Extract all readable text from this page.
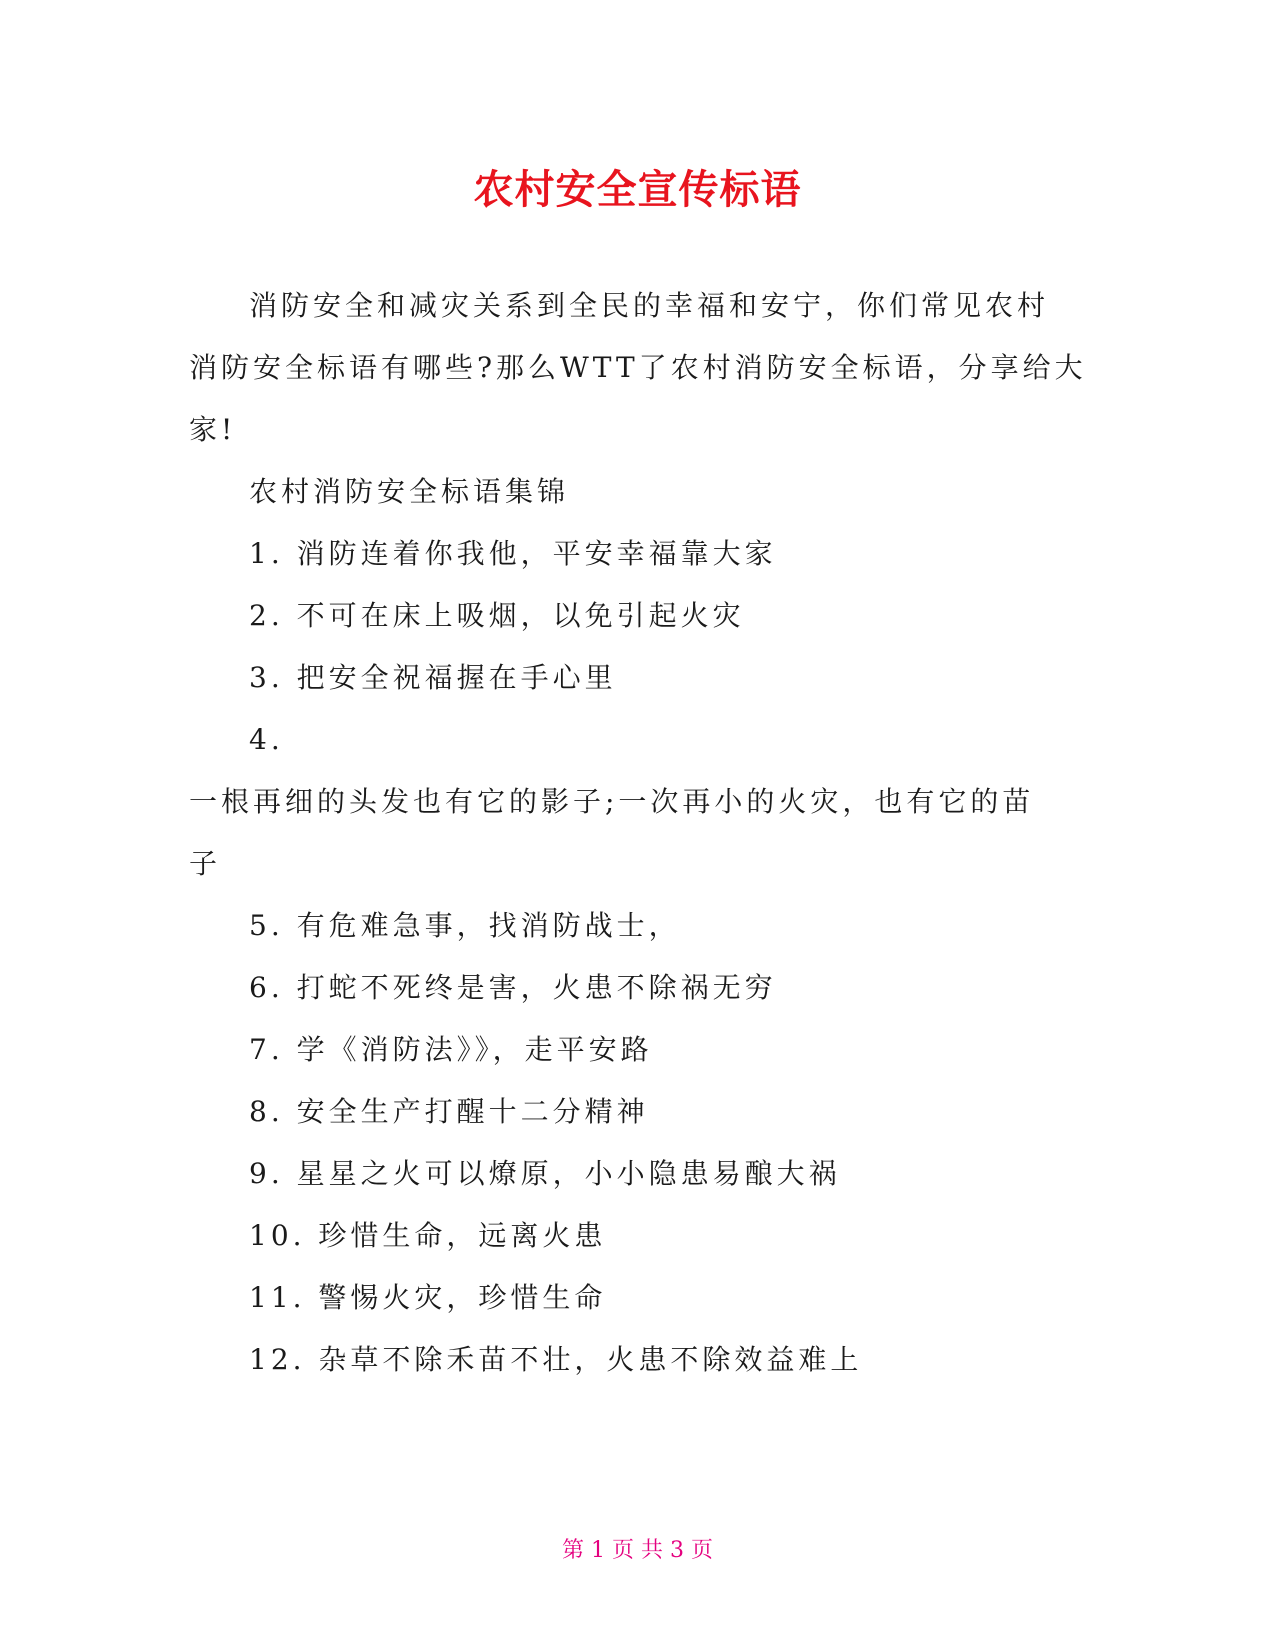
农村安全宣传标语
消防安全和减灾关系到全民的幸福和安宁，你们常见农村
消防安全标语有哪些?那么WTT了农村消防安全标语，分享给大
家!
农村消防安全标语集锦
1. 消防连着你我他，平安幸福靠大家
2. 不可在床上吸烟，以免引起火灾
3. 把安全祝福握在手心里
4.
一根再细的头发也有它的影子;一次再小的火灾，也有它的苗
子
5. 有危难急事，找消防战士，
6. 打蛇不死终是害，火患不除祸无穷
7. 学《消防法》》，走平安路
8. 安全生产打醒十二分精神
9. 星星之火可以燎原，小小隐患易酿大祸
10. 珍惜生命，远离火患
11. 警惕火灾，珍惜生命
12. 杂草不除禾苗不壮，火患不除效益难上
第 1 页 共 3 页
